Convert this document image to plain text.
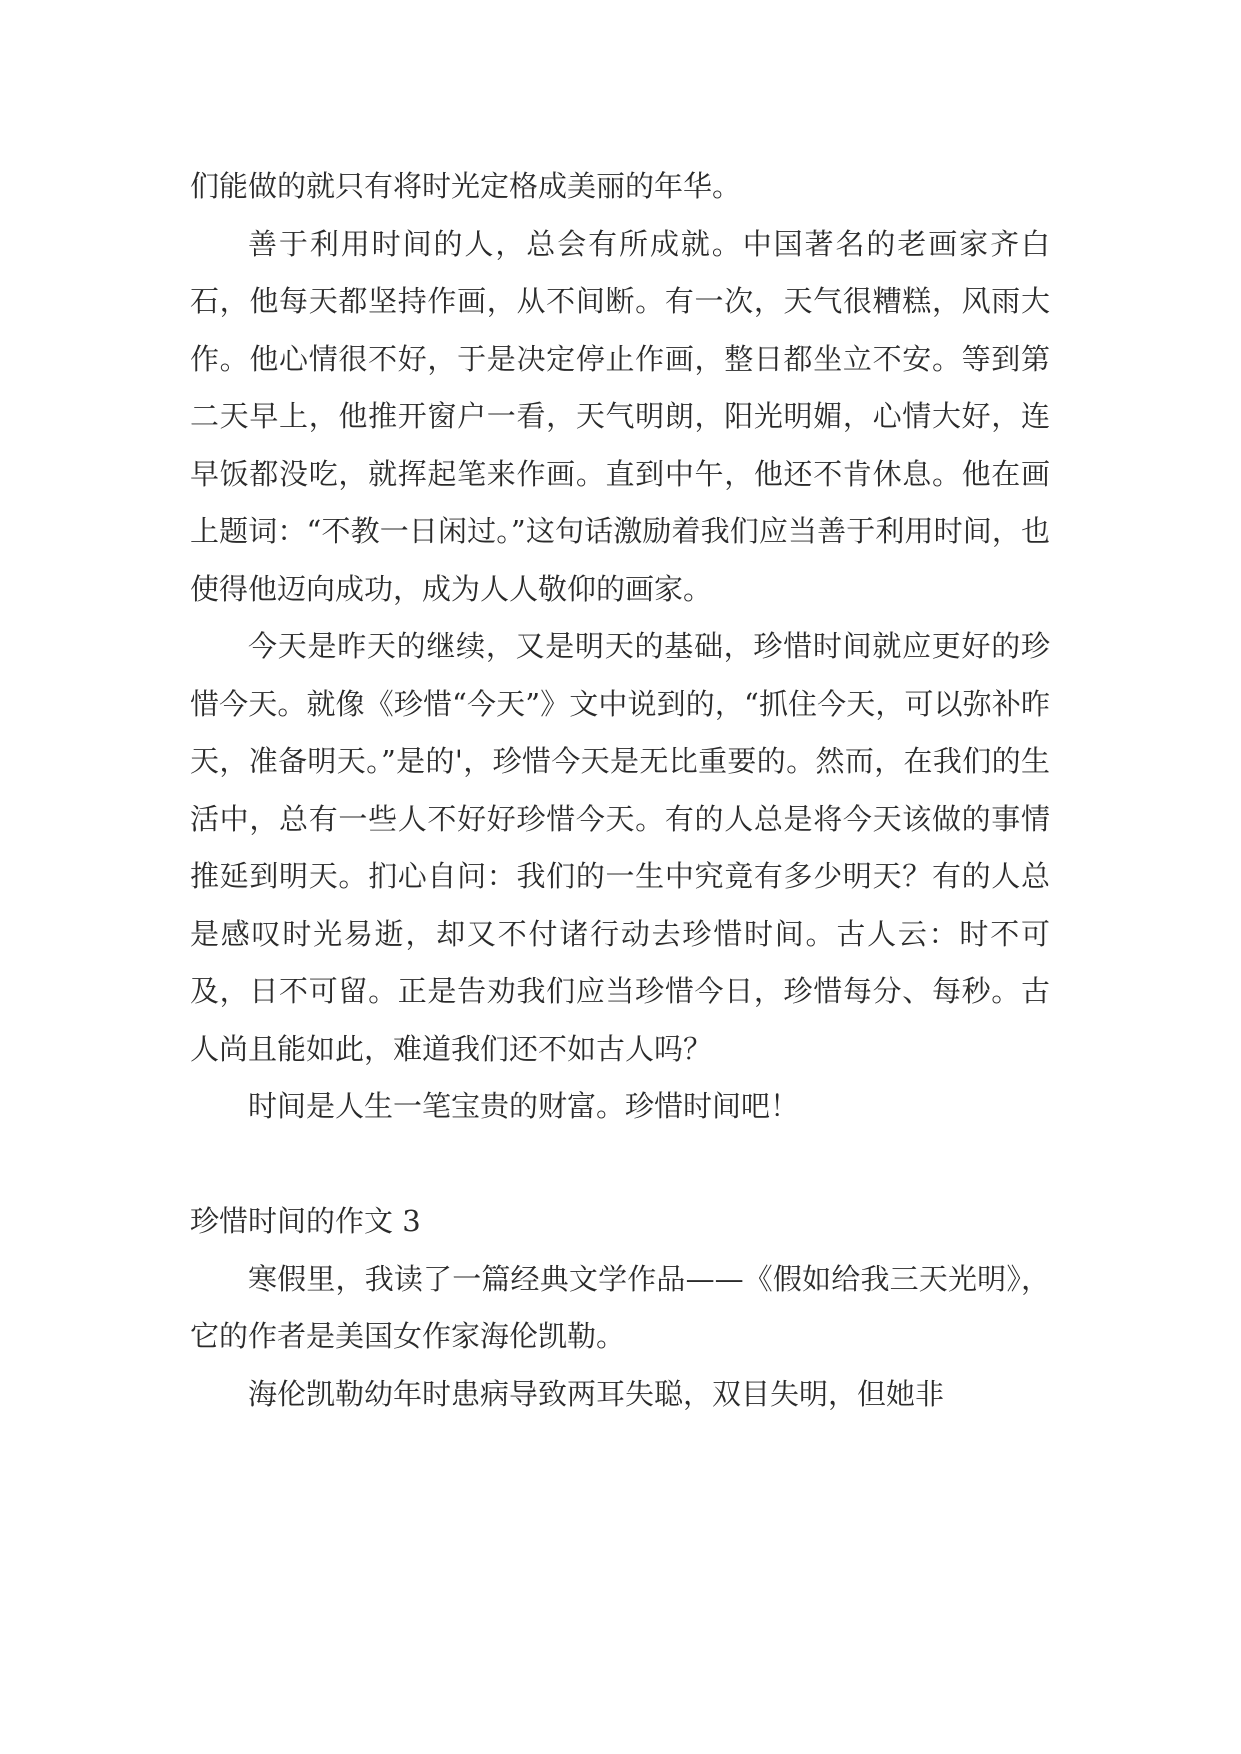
们能做的就只有将时光定格成美丽的年华。

善于利用时间的人，总会有所成就。中国著名的老画家齐白石，他每天都坚持作画，从不间断。有一次，天气很糟糕，风雨大作。他心情很不好，于是决定停止作画，整日都坐立不安。等到第二天早上，他推开窗户一看，天气明朗，阳光明媚，心情大好，连早饭都没吃，就挥起笔来作画。直到中午，他还不肯休息。他在画上题词：“不教一日闲过。”这句话激励着我们应当善于利用时间，也使得他迈向成功，成为人人敬仰的画家。

今天是昨天的继续，又是明天的基础，珍惜时间就应更好的珍惜今天。就像《珍惜“今天”》文中说到的，“抓住今天，可以弥补昨天，准备明天。”是的'，珍惜今天是无比重要的。然而，在我们的生活中，总有一些人不好好珍惜今天。有的人总是将今天该做的事情推延到明天。扪心自问：我们的一生中究竟有多少明天？有的人总是感叹时光易逝，却又不付诸行动去珍惜时间。古人云：时不可及，日不可留。正是告劝我们应当珍惜今日，珍惜每分、每秒。古人尚且能如此，难道我们还不如古人吗？

时间是人生一笔宝贵的财富。珍惜时间吧！

珍惜时间的作文 3

寒假里，我读了一篇经典文学作品——《假如给我三天光明》，它的作者是美国女作家海伦凯勒。

海伦凯勒幼年时患病导致两耳失聪，双目失明，但她非
